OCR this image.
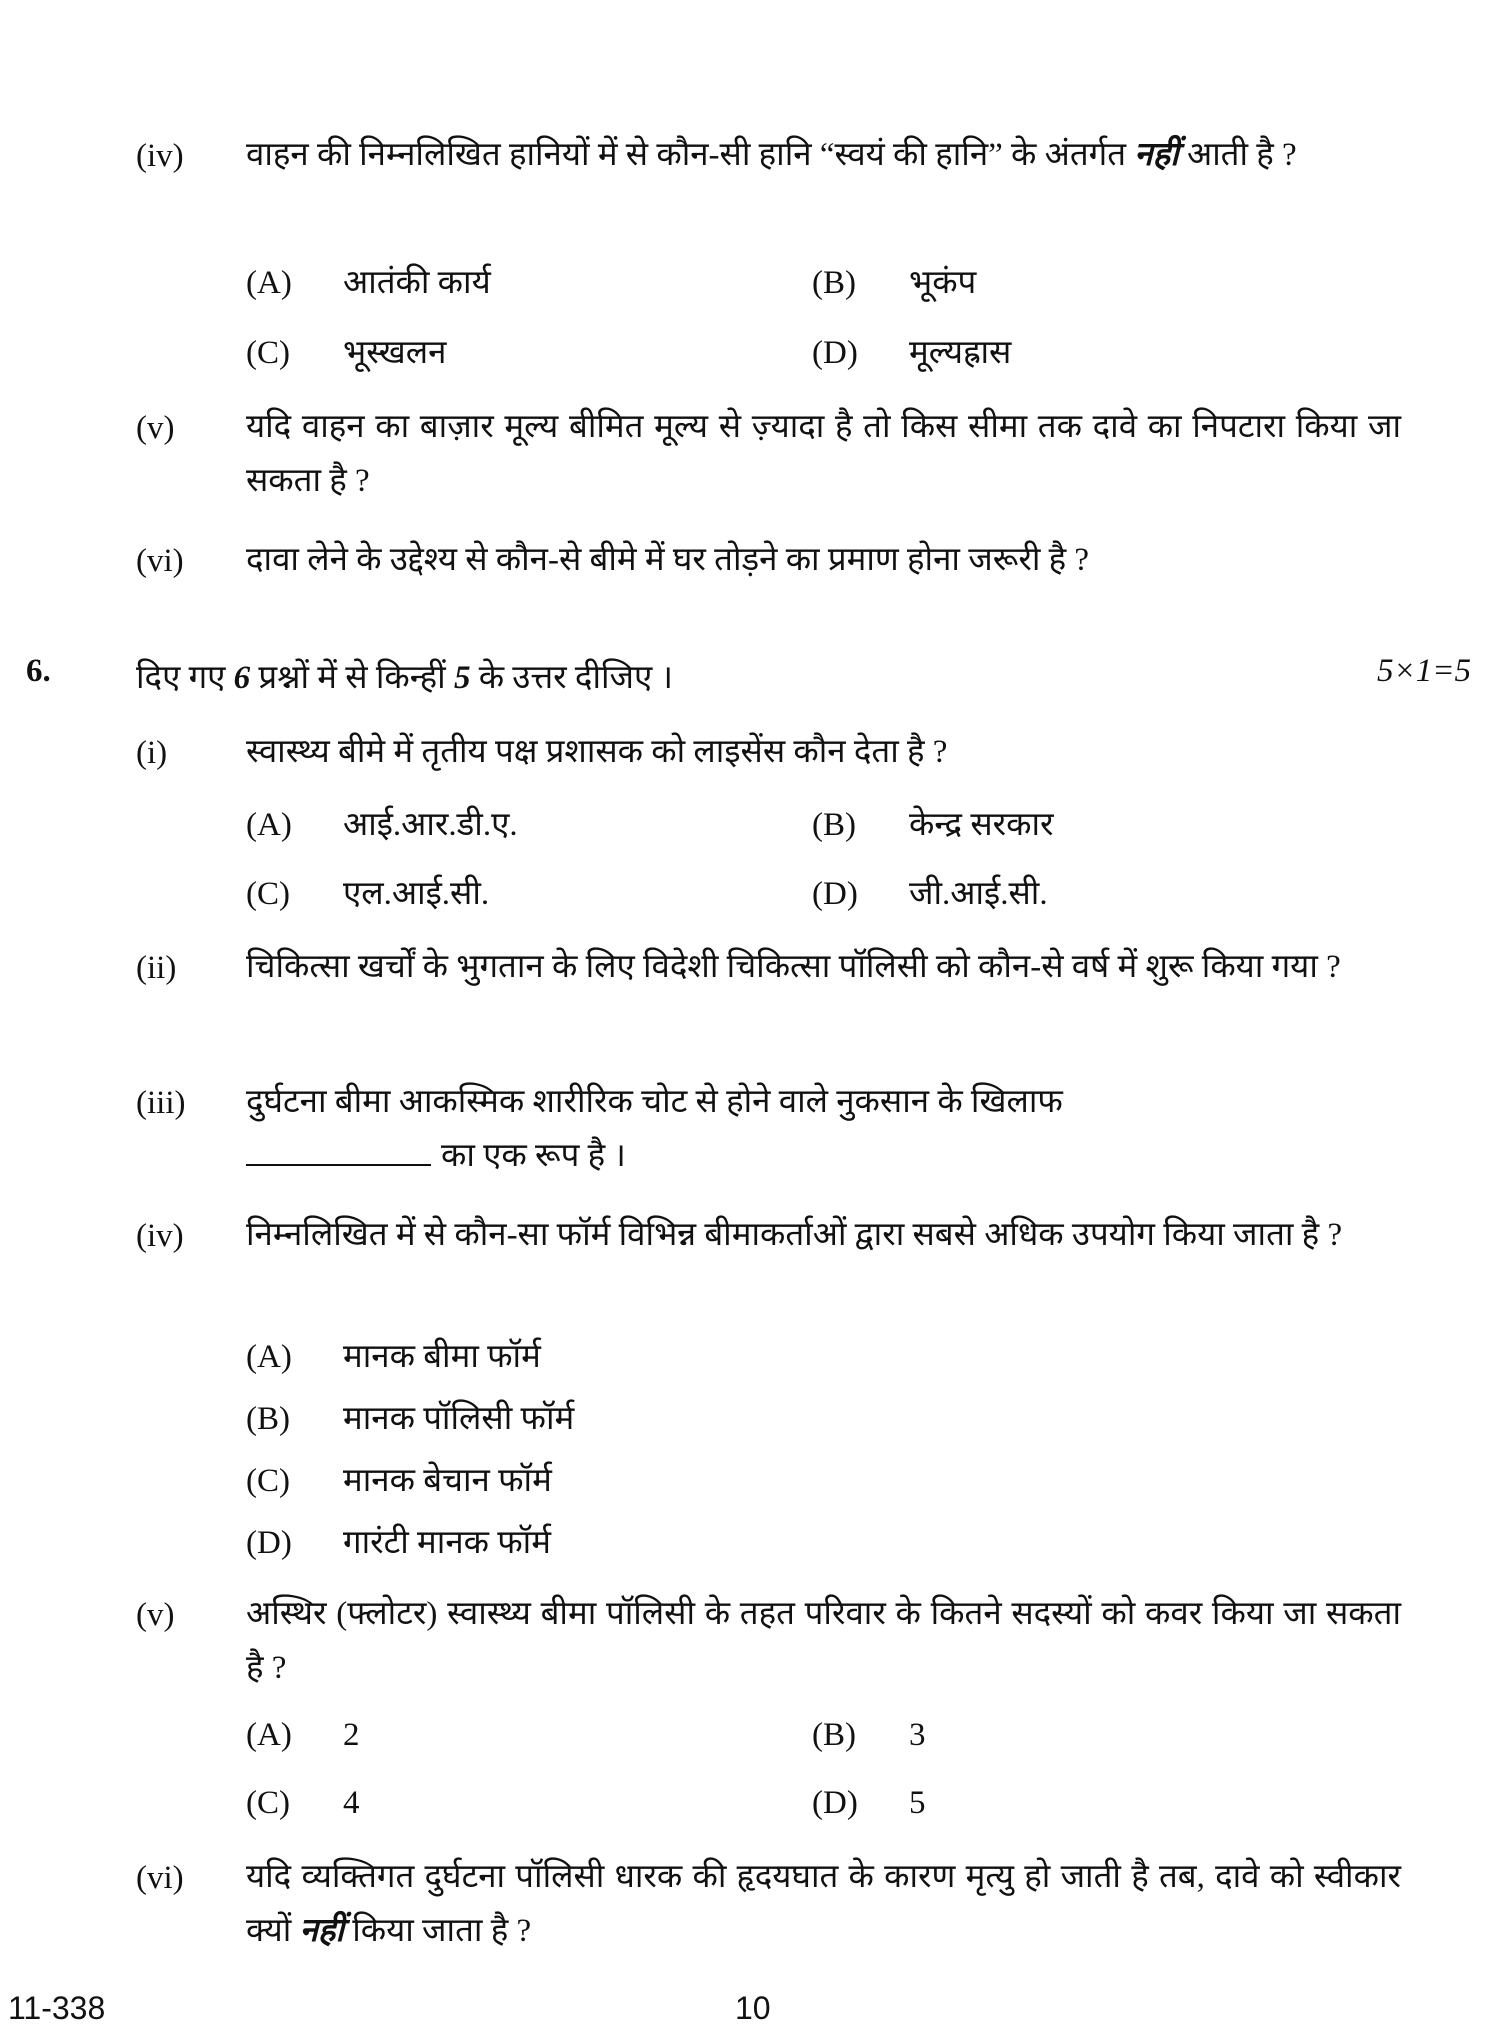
(iv) वाहन की निम्नलिखित हानियों में से कौन-सी हानि “स्वयं की हानि” के अंतर्गत नहीं आती है ?
(A) आतंकी कार्य	(B) भूकंप
(C) भूस्खलन	(D) मूल्यह्रास
(v) यदि वाहन का बाज़ार मूल्य बीमित मूल्य से ज़्यादा है तो किस सीमा तक दावे का निपटारा किया जा सकता है ?
(vi) दावा लेने के उद्देश्य से कौन-से बीमे में घर तोड़ने का प्रमाण होना जरूरी है ?
6.	दिए गए 6 प्रश्नों में से किन्हीं 5 के उत्तर दीजिए ।	5×1=5
(i) स्वास्थ्य बीमे में तृतीय पक्ष प्रशासक को लाइसेंस कौन देता है ?
(A) आई.आर.डी.ए.	(B) केन्द्र सरकार
(C) एल.आई.सी.	(D) जी.आई.सी.
(ii) चिकित्सा खर्चों के भुगतान के लिए विदेशी चिकित्सा पॉलिसी को कौन-से वर्ष में शुरू किया गया ?
(iii) दुर्घटना बीमा आकस्मिक शारीरिक चोट से होने वाले नुकसान के खिलाफ
का एक रूप है ।
(iv) निम्नलिखित में से कौन-सा फॉर्म विभिन्न बीमाकर्ताओं द्वारा सबसे अधिक उपयोग किया जाता है ?
(A) मानक बीमा फॉर्म
(B) मानक पॉलिसी फॉर्म
(C) मानक बेचान फॉर्म
(D) गारंटी मानक फॉर्म
(v) अस्थिर (फ्लोटर) स्वास्थ्य बीमा पॉलिसी के तहत परिवार के कितने सदस्यों को कवर किया जा सकता है ?
(A) 2	(B) 3
(C) 4	(D) 5
(vi) यदि व्यक्तिगत दुर्घटना पॉलिसी धारक की हृदयघात के कारण मृत्यु हो जाती है तब, दावे को स्वीकार क्यों नहीं किया जाता है ?
11-338	10
